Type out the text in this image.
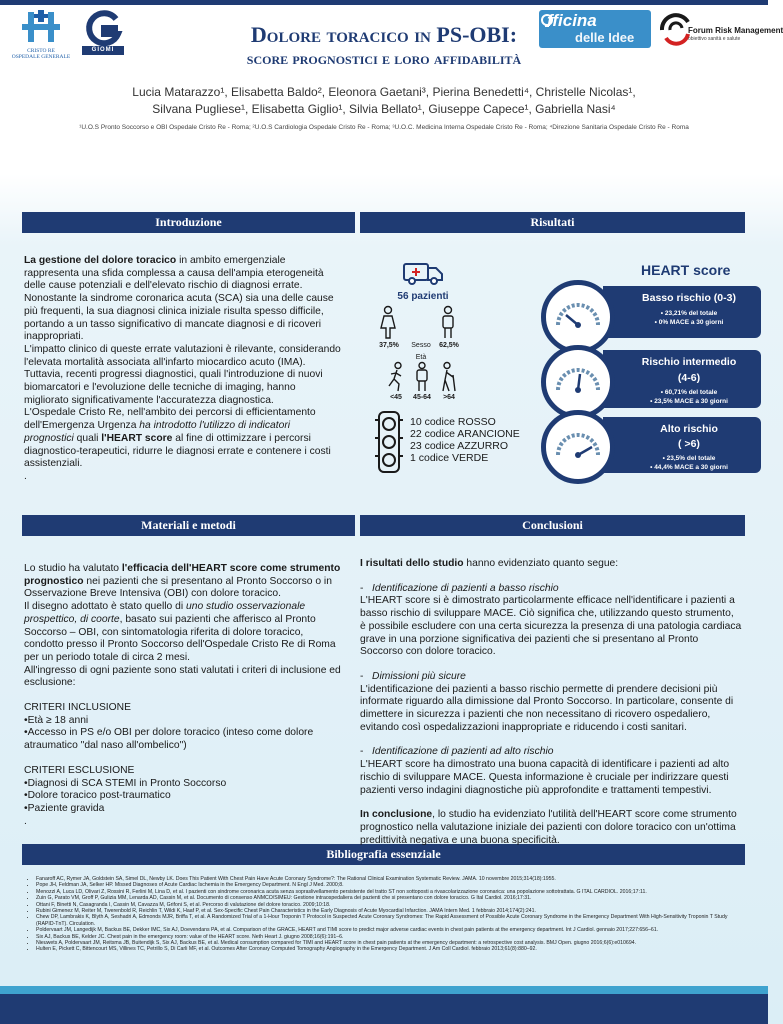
CRISTO RE
OSPEDALE GENERALE
GIOMI
Dolore toracico in PS-OBI:
score prognostici e loro affidabilità
fficina
delle Idee	Forum Risk Management
obiettivo sanità e salute
Lucia Matarazzo¹, Elisabetta Baldo², Eleonora Gaetani³, Pierina Benedetti⁴, Christelle Nicolas¹,
Silvana Pugliese¹, Elisabetta Giglio¹, Silvia Bellato¹, Giuseppe Capece¹, Gabriella Nasi⁴
¹U.O.S Pronto Soccorso e OBI Ospedale Cristo Re - Roma; ²U.O.S Cardiologia Ospedale Cristo Re - Roma; ³U.O.C. Medicina Interna Ospedale Cristo Re - Roma; ⁴Direzione Sanitaria Ospedale Cristo Re - Roma
Introduzione	Risultati
Materiali e metodi	Conclusioni
Bibliografia essenziale

La gestione del dolore toracico in ambito emergenziale rappresenta una sfida complessa a causa dell'ampia eterogeneità delle cause potenziali e dell'elevato rischio di diagnosi errate.

Nonostante la sindrome coronarica acuta (SCA) sia una delle cause più frequenti, la sua diagnosi clinica iniziale risulta spesso difficile, portando a un tasso significativo di mancate diagnosi e di ricoveri inappropriati.

L'impatto clinico di queste errate valutazioni è rilevante, considerando l'elevata mortalità associata all'infarto miocardico acuto (IMA). Tuttavia, recenti progressi diagnostici, quali l'introduzione di nuovi biomarcatori e l'evoluzione delle tecniche di imaging, hanno migliorato significativamente l'accuratezza diagnostica.

L'Ospedale Cristo Re, nell'ambito dei percorsi di efficientamento dell'Emergenza Urgenza ha introdotto l'utilizzo di indicatori prognostici quali l'HEART score al fine di ottimizzare i percorsi diagnostico-terapeutici, ridurre le diagnosi errate e contenere i costi assistenziali.

.

56 pazienti
37,5%	Sesso	62,5%
Età
<45	45-64	>64
10 codice ROSSO
22 codice ARANCIONE
23 codice AZZURRO
1 codice VERDE
HEART score
Basso rischio (0-3)
• 23,21% del totale
• 0% MACE a 30 giorni
Rischio intermedio
(4-6)
• 60,71% del totale
• 23,5% MACE a 30 giorni
Alto rischio
( >6)
• 23,5% del totale
• 44,4% MACE a 30 giorni

Lo studio ha valutato l'efficacia dell'HEART score come strumento prognostico nei pazienti che si presentano al Pronto Soccorso o in Osservazione Breve Intensiva (OBI) con dolore toracico.

Il disegno adottato è stato quello di uno studio osservazionale prospettico, di coorte, basato sui pazienti che afferisco al Pronto Soccorso – OBI, con sintomatologia riferita di dolore toracico, condotto presso il Pronto Soccorso dell'Ospedale Cristo Re di Roma per un periodo totale di circa 2 mesi.

All'ingresso di ogni paziente sono stati valutati i criteri di inclusione ed esclusione:

CRITERI INCLUSIONE

•Età ≥ 18 anni

•Accesso in PS e/o OBI per dolore toracico (inteso come dolore atraumatico "dal naso all'ombelico")

CRITERI ESCLUSIONE

•Diagnosi di SCA STEMI in Pronto Soccorso

•Dolore toracico post-traumatico

•Paziente gravida

.

I risultati dello studio hanno evidenziato quanto segue:

-   Identificazione di pazienti a basso rischio

L'HEART score si è dimostrato particolarmente efficace nell'identificare i pazienti a basso rischio di sviluppare MACE. Ciò significa che, utilizzando questo strumento, è possibile escludere con una certa sicurezza la presenza di una patologia cardiaca grave in una porzione significativa dei pazienti che si presentano al Pronto Soccorso con dolore toracico.

-   Dimissioni più sicure

L'identificazione dei pazienti a basso rischio permette di prendere decisioni più informate riguardo alla dimissione dal Pronto Soccorso. In particolare, consente di dimettere in sicurezza i pazienti che non necessitano di ricovero ospedaliero, evitando così ospedalizzazioni inappropriate e riducendo i costi sanitari.

-   Identificazione di pazienti ad alto rischio

L'HEART score ha dimostrato una buona capacità di identificare i pazienti ad alto rischio di sviluppare MACE. Questa informazione è cruciale per indirizzare questi pazienti verso indagini diagnostiche più approfondite e trattamenti tempestivi.

In conclusione, lo studio ha evidenziato l'utilità dell'HEART score come strumento prognostico nella valutazione iniziale dei pazienti con dolore toracico con un'ottima predittività negativa e una buona specificità.

• Fanaroff AC, Rymer JA, Goldstein SA, Simel DL, Newby LK. Does This Patient With Chest Pain Have Acute Coronary Syndrome?: The Rational Clinical Examination Systematic Review. JAMA. 10 novembre 2015;314(18):1955.
• Pope JH, Feldman JA, Selker HP. Missed Diagnoses of Acute Cardiac Ischemia in the Emergency Department. N Engl J Med. 2000;8.
• Menozzi A, Luca LD, Olivari Z, Rossini R, Ferlini M, Lina D, et al. I pazienti con sindrome coronarica acuta senza sopraslivellamento persistente del tratto ST non sottoposti a rivascolarizzazione coronarica: una popolazione sottotrattata. G ITAL CARDIOL. 2016;17:11.
• Zuin G, Parato VM, Groff P, Gulizia MM, Lenarda AD, Cassin M, et al. Documento di consenso ANMCO/SIMEU: Gestione intraospedaliera dei pazienti che si presentano con dolore toracico. G Ital Cardiol. 2016;17:31.
• Ottani F, Binetti N, Casagranda I, Cassin M, Cavazza M, Grifoni S, et al. Percorso di valutazione del dolore toracico. 2009;10:18.
• Rubini Gimenez M, Reiter M, Twerenbold R, Reichlin T, Wildi K, Haaf P, et al. Sex-Specific Chest Pain Characteristics in the Early Diagnosis of Acute Myocardial Infarction. JAMA Intern Med. 1 febbraio 2014;174(2):241.
• Chew DP, Lambrakis K, Blyth A, Seshadri A, Edmonds MJR, Briffa T, et al. A Randomized Trial of a 1-Hour Troponin T Protocol in Suspected Acute Coronary Syndromes: The Rapid Assessment of Possible Acute Coronary Syndrome in the Emergency Department With High-Sensitivity Troponin T Study (RAPID-TnT). Circulation.
• Poldervaart JM, Langedijk M, Backus BE, Dekker IMC, Six AJ, Doevendans PA, et al. Comparison of the GRACE, HEART and TIMI score to predict major adverse cardiac events in chest pain patients at the emergency department. Int J Cardiol. gennaio 2017;227:656–61.
• Six AJ, Backus BE, Kelder JC. Chest pain in the emergency room: value of the HEART score. Neth Heart J. giugno 2008;16(6):191–6.
• Nieuwets A, Poldervaart JM, Reitsma JB, Buitendijk S, Six AJ, Backus BE, et al. Medical consumption compared for TIMI and HEART score in chest pain patients at the emergency department: a retrospective cost analysis. BMJ Open. giugno 2016;6(6):e010694.
• Hulten E, Pickett C, Bittencourt MS, Villines TC, Petrillo S, Di Carli MF, et al. Outcomes After Coronary Computed Tomography Angiography in the Emergency Department. J Am Coll Cardiol. febbraio 2013;61(8):880–92.
